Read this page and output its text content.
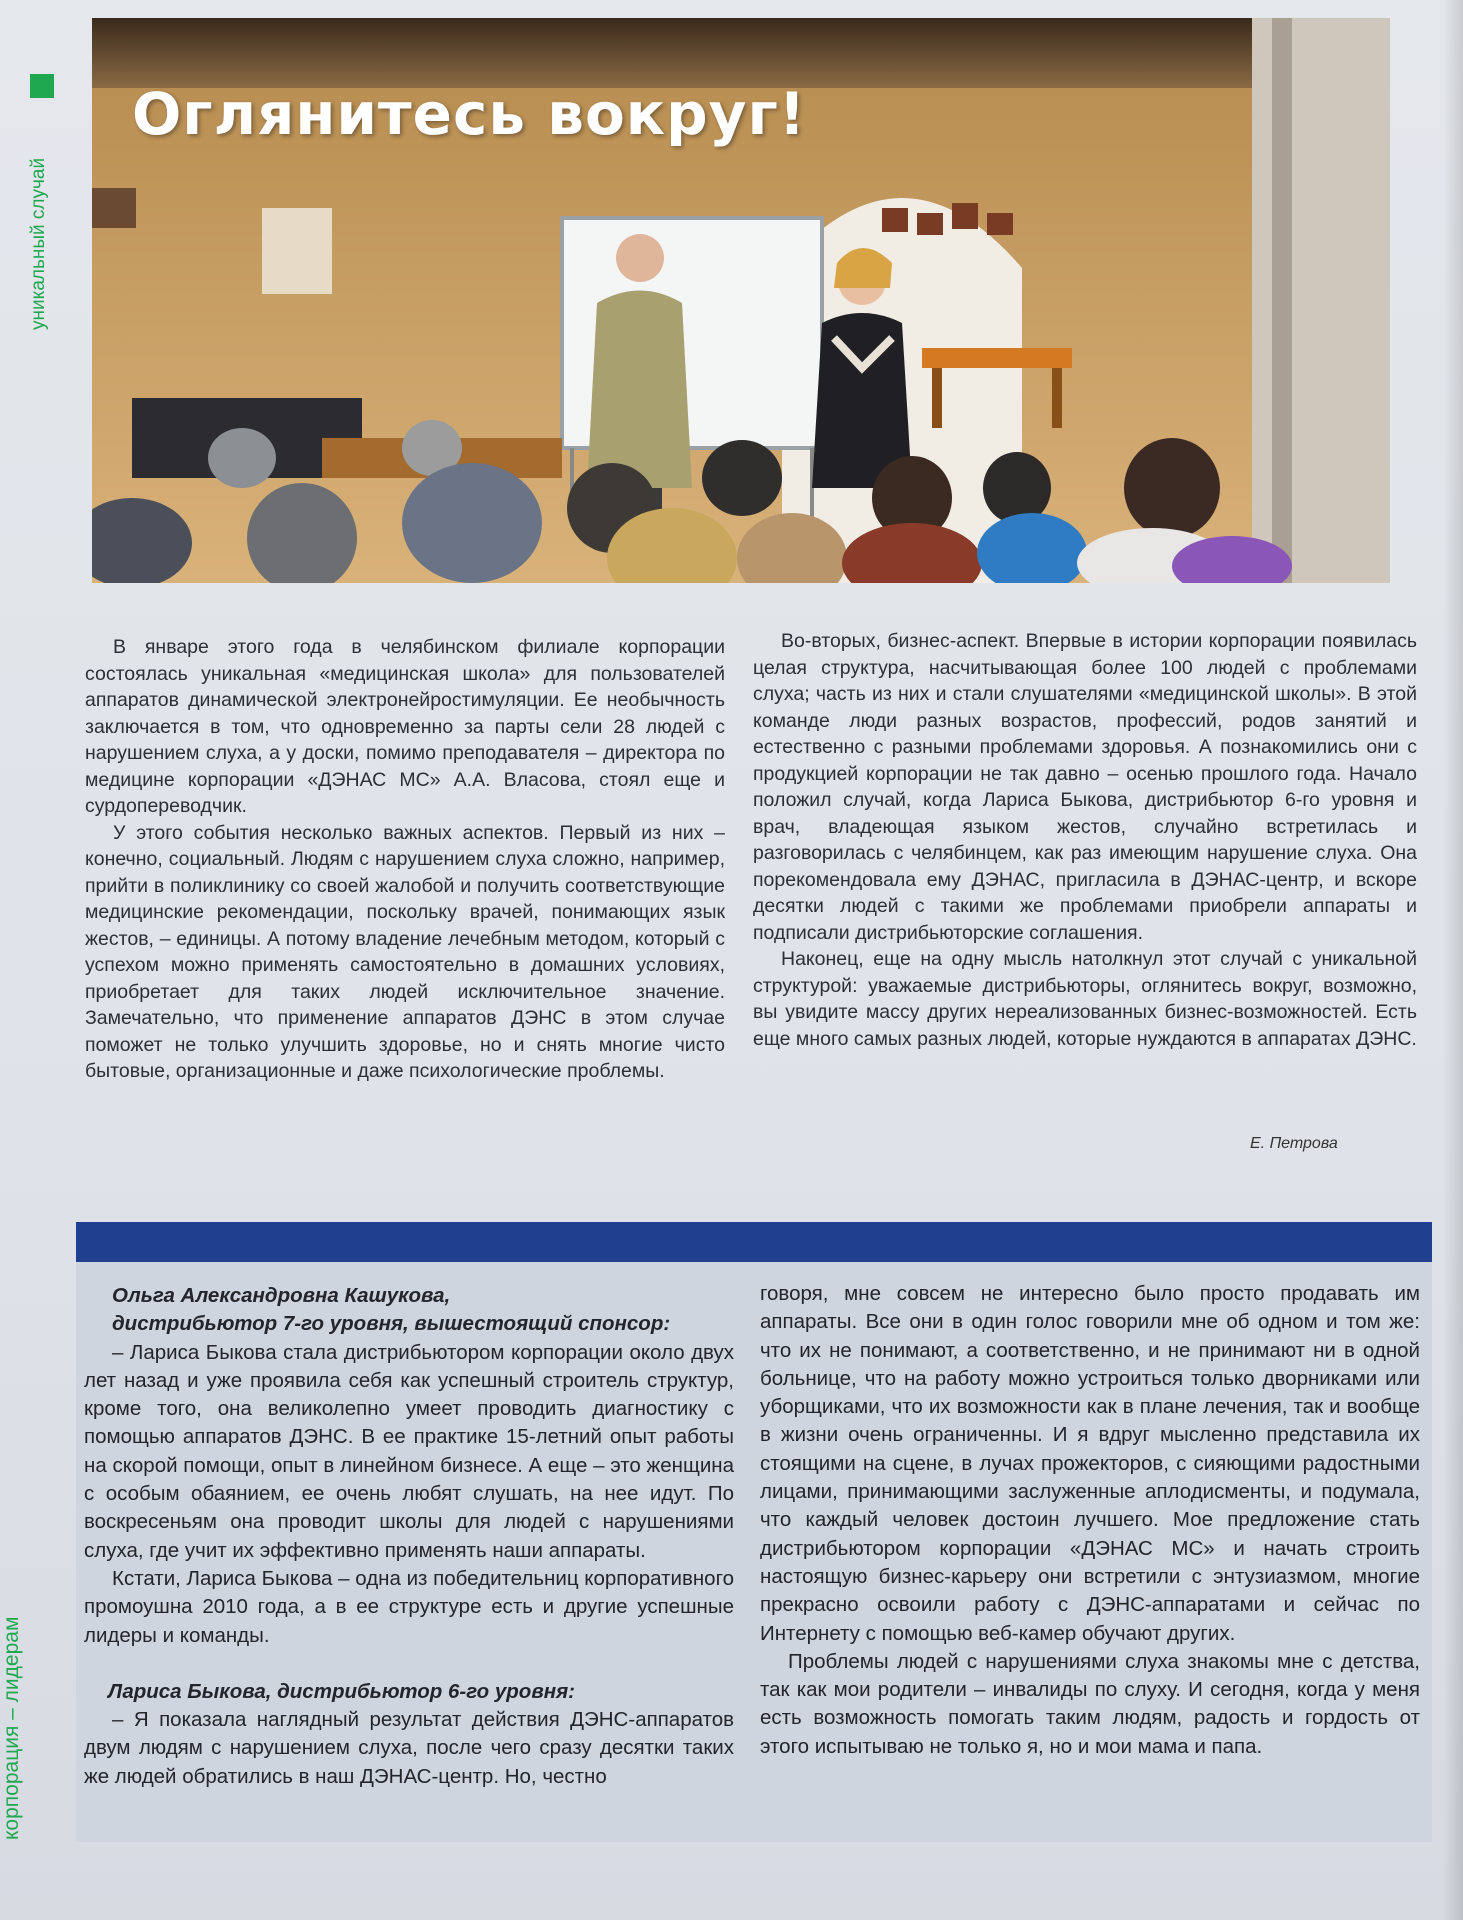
уникальный случай
корпорация – лидерам
Оглянитесь вокруг!

В январе этого года в челябинском филиале корпорации состоялась уникальная «медицинская школа» для пользователей аппаратов динамической электронейростимуляции. Ее необычность заключается в том, что одновременно за парты сели 28 людей с нарушением слуха, а у доски, помимо преподавателя – директора по медицине корпорации «ДЭНАС МС» А.А. Власова, стоял еще и сурдопереводчик.

У этого события несколько важных аспектов. Первый из них – конечно, социальный. Людям с нарушением слуха сложно, например, прийти в поликлинику со своей жалобой и получить соответствующие медицинские рекомендации, поскольку врачей, понимающих язык жестов, – единицы. А потому владение лечебным методом, который с успехом можно применять самостоятельно в домашних условиях, приобретает для таких людей исключительное значение. Замечательно, что применение аппаратов ДЭНС в этом случае поможет не только улучшить здоровье, но и снять многие чисто бытовые, организационные и даже психологические проблемы.

Во-вторых, бизнес-аспект. Впервые в истории корпорации появилась целая структура, насчитывающая более 100 людей с проблемами слуха; часть из них и стали слушателями «медицинской школы». В этой команде люди разных возрастов, профессий, родов занятий и естественно с разными проблемами здоровья. А познакомились они с продукцией корпорации не так давно – осенью прошлого года. Начало положил случай, когда Лариса Быкова, дистрибьютор 6-го уровня и врач, владеющая языком жестов, случайно встретилась и разговорилась с челябинцем, как раз имеющим нарушение слуха. Она порекомендовала ему ДЭНАС, пригласила в ДЭНАС-центр, и вскоре десятки людей с такими же проблемами приобрели аппараты и подписали дистрибьюторские соглашения.

Наконец, еще на одну мысль натолкнул этот случай с уникальной структурой: уважаемые дистрибьюторы, оглянитесь вокруг, возможно, вы увидите массу других нереализованных бизнес-возможностей. Есть еще много самых разных людей, которые нуждаются в аппаратах ДЭНС.

Е. Петрова
Ольга Александровна Кашукова,
дистрибьютор 7-го уровня, вышестоящий спонсор:

– Лариса Быкова стала дистрибьютором корпорации около двух лет назад и уже проявила себя как успешный строитель структур, кроме того, она великолепно умеет проводить диагностику с помощью аппаратов ДЭНС. В ее практике 15-летний опыт работы на скорой помощи, опыт в линейном бизнесе. А еще – это женщина с особым обаянием, ее очень любят слушать, на нее идут. По воскресеньям она проводит школы для людей с нарушениями слуха, где учит их эффективно применять наши аппараты.

Кстати, Лариса Быкова – одна из победительниц корпоративного промоушна 2010 года, а в ее структуре есть и другие успешные лидеры и команды.

Лариса Быкова, дистрибьютор 6-го уровня:

– Я показала наглядный результат действия ДЭНС-аппаратов двум людям с нарушением слуха, после чего сразу десятки таких же людей обратились в наш ДЭНАС-центр. Но, честно

говоря, мне совсем не интересно было просто продавать им аппараты. Все они в один голос говорили мне об одном и том же: что их не понимают, а соответственно, и не принимают ни в одной больнице, что на работу можно устроиться только дворниками или уборщиками, что их возможности как в плане лечения, так и вообще в жизни очень ограниченны. И я вдруг мысленно представила их стоящими на сцене, в лучах прожекторов, с сияющими радостными лицами, принимающими заслуженные аплодисменты, и подумала, что каждый человек достоин лучшего. Мое предложение стать дистрибьютором корпорации «ДЭНАС МС» и начать строить настоящую бизнес-карьеру они встретили с энтузиазмом, многие прекрасно освоили работу с ДЭНС-аппаратами и сейчас по Интернету с помощью веб-камер обучают других.

Проблемы людей с нарушениями слуха знакомы мне с детства, так как мои родители – инвалиды по слуху. И сегодня, когда у меня есть возможность помогать таким людям, радость и гордость от этого испытываю не только я, но и мои мама и папа.
